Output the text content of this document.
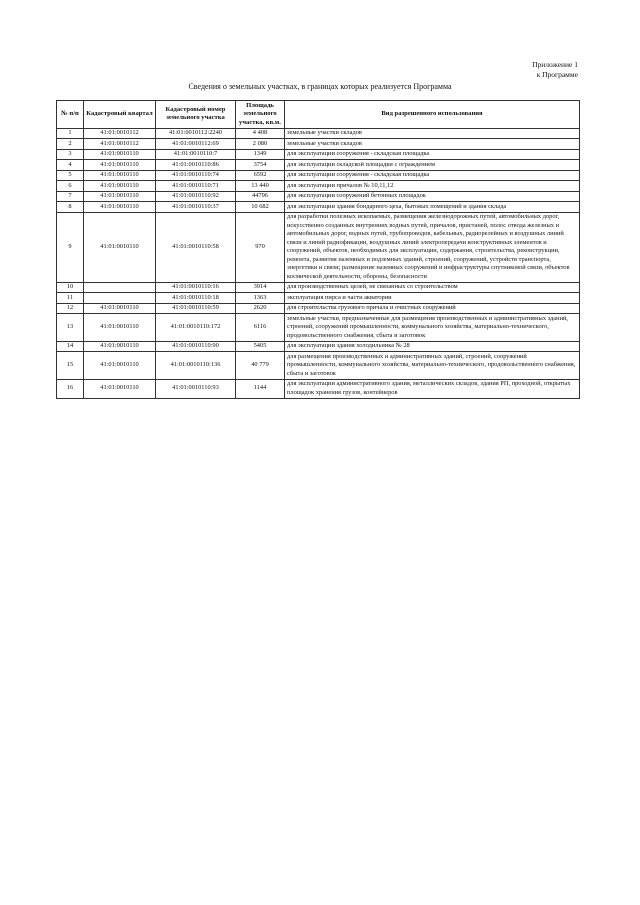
Приложение 1
к Программе
Сведения о земельных участках, в границах которых реализуется Программа
№ п/п	Кадастровый квартал	Кадастровый номер земельного участка	Площадь земельного участка, кв.м.	Вид разрешенного использования
1	41:01:0010112	41:01:0010112:2240	4 408	земельные участки складов
2	41:01:0010112	41:01:0010112:69	2 080	земельные участки складов
3	41:01:0010110	41:01:0010110:7	1349	для эксплуатации сооружения - складская площадка
4	41:01:0010110	41:01:0010110:86	3754	для эксплуатации складской площадки с ограждением
5	41:01:0010110	41:01:0010110:74	6592	для эксплуатации сооружения - складская площадка
6	41:01:0010110	41:01:0010110:71	13 440	для эксплуатации причалов № 10,11,12
7	41:01:0010110	41:01:0010110:92	44796	для эксплуатации сооружений бетонных площадок
8	41:01:0010110	41:01:0010110:37	10 682	для эксплуатации здания бондарного цеха, бытовых помещений и здания склада
9	41:01:0010110	41:01:0010110:58	970	для разработки полезных ископаемых, размещения железнодорожных путей, автомобильных дорог, искусственно созданных внутренних водных путей, причалов, пристаней, полос отвода железных и автомобильных дорог, водных путей, трубопроводов, кабельных, радиорелейных и воздушных линий связи и линий радиофикации, воздушных линий электропередачи конструктивных элементов и сооружений, объектов, необходимых для эксплуатации, содержания, строительства, реконструкции, ремонта, развития наземных и подземных зданий, строений, сооружений, устройств транспорта, энергетики и связи; размещение наземных сооружений и инфраструктуры спутниковой связи, объектов космической деятельности, обороны, безопасности
10		41:01:0010110:16	3914	для производственных целей, не связанных со строительством
11		41:01:0010110:18	1363	эксплуатация пирса и части акватории
12	41:01:0010110	41:01:0010110:59	2620	для строительства грузового причала и очистных сооружений
13	41:01:0010110	41:01:0010110:172	6116	земельные участки, предназначенные для размещения производственных и административных зданий, строений, сооружений промышленности, коммунального хозяйства, материально-технического, продовольственного снабжения, сбыта и заготовок
14	41:01:0010110	41:01:0010110:90	5405	для эксплуатации здания холодильника № 28
15	41:01:0010110	41:01:0010110:136	40 779	для размещения производственных и административных зданий, строений, сооружений промышленности, коммунального хозяйства, материально-технического, продовольственного снабжения, сбыта и заготовок
16	41:01:0010110	41:01:0010110:93	1144	для эксплуатации административного здания, металлических складов, здания РП, проходной, открытых площадок хранения грузов, контейнеров
